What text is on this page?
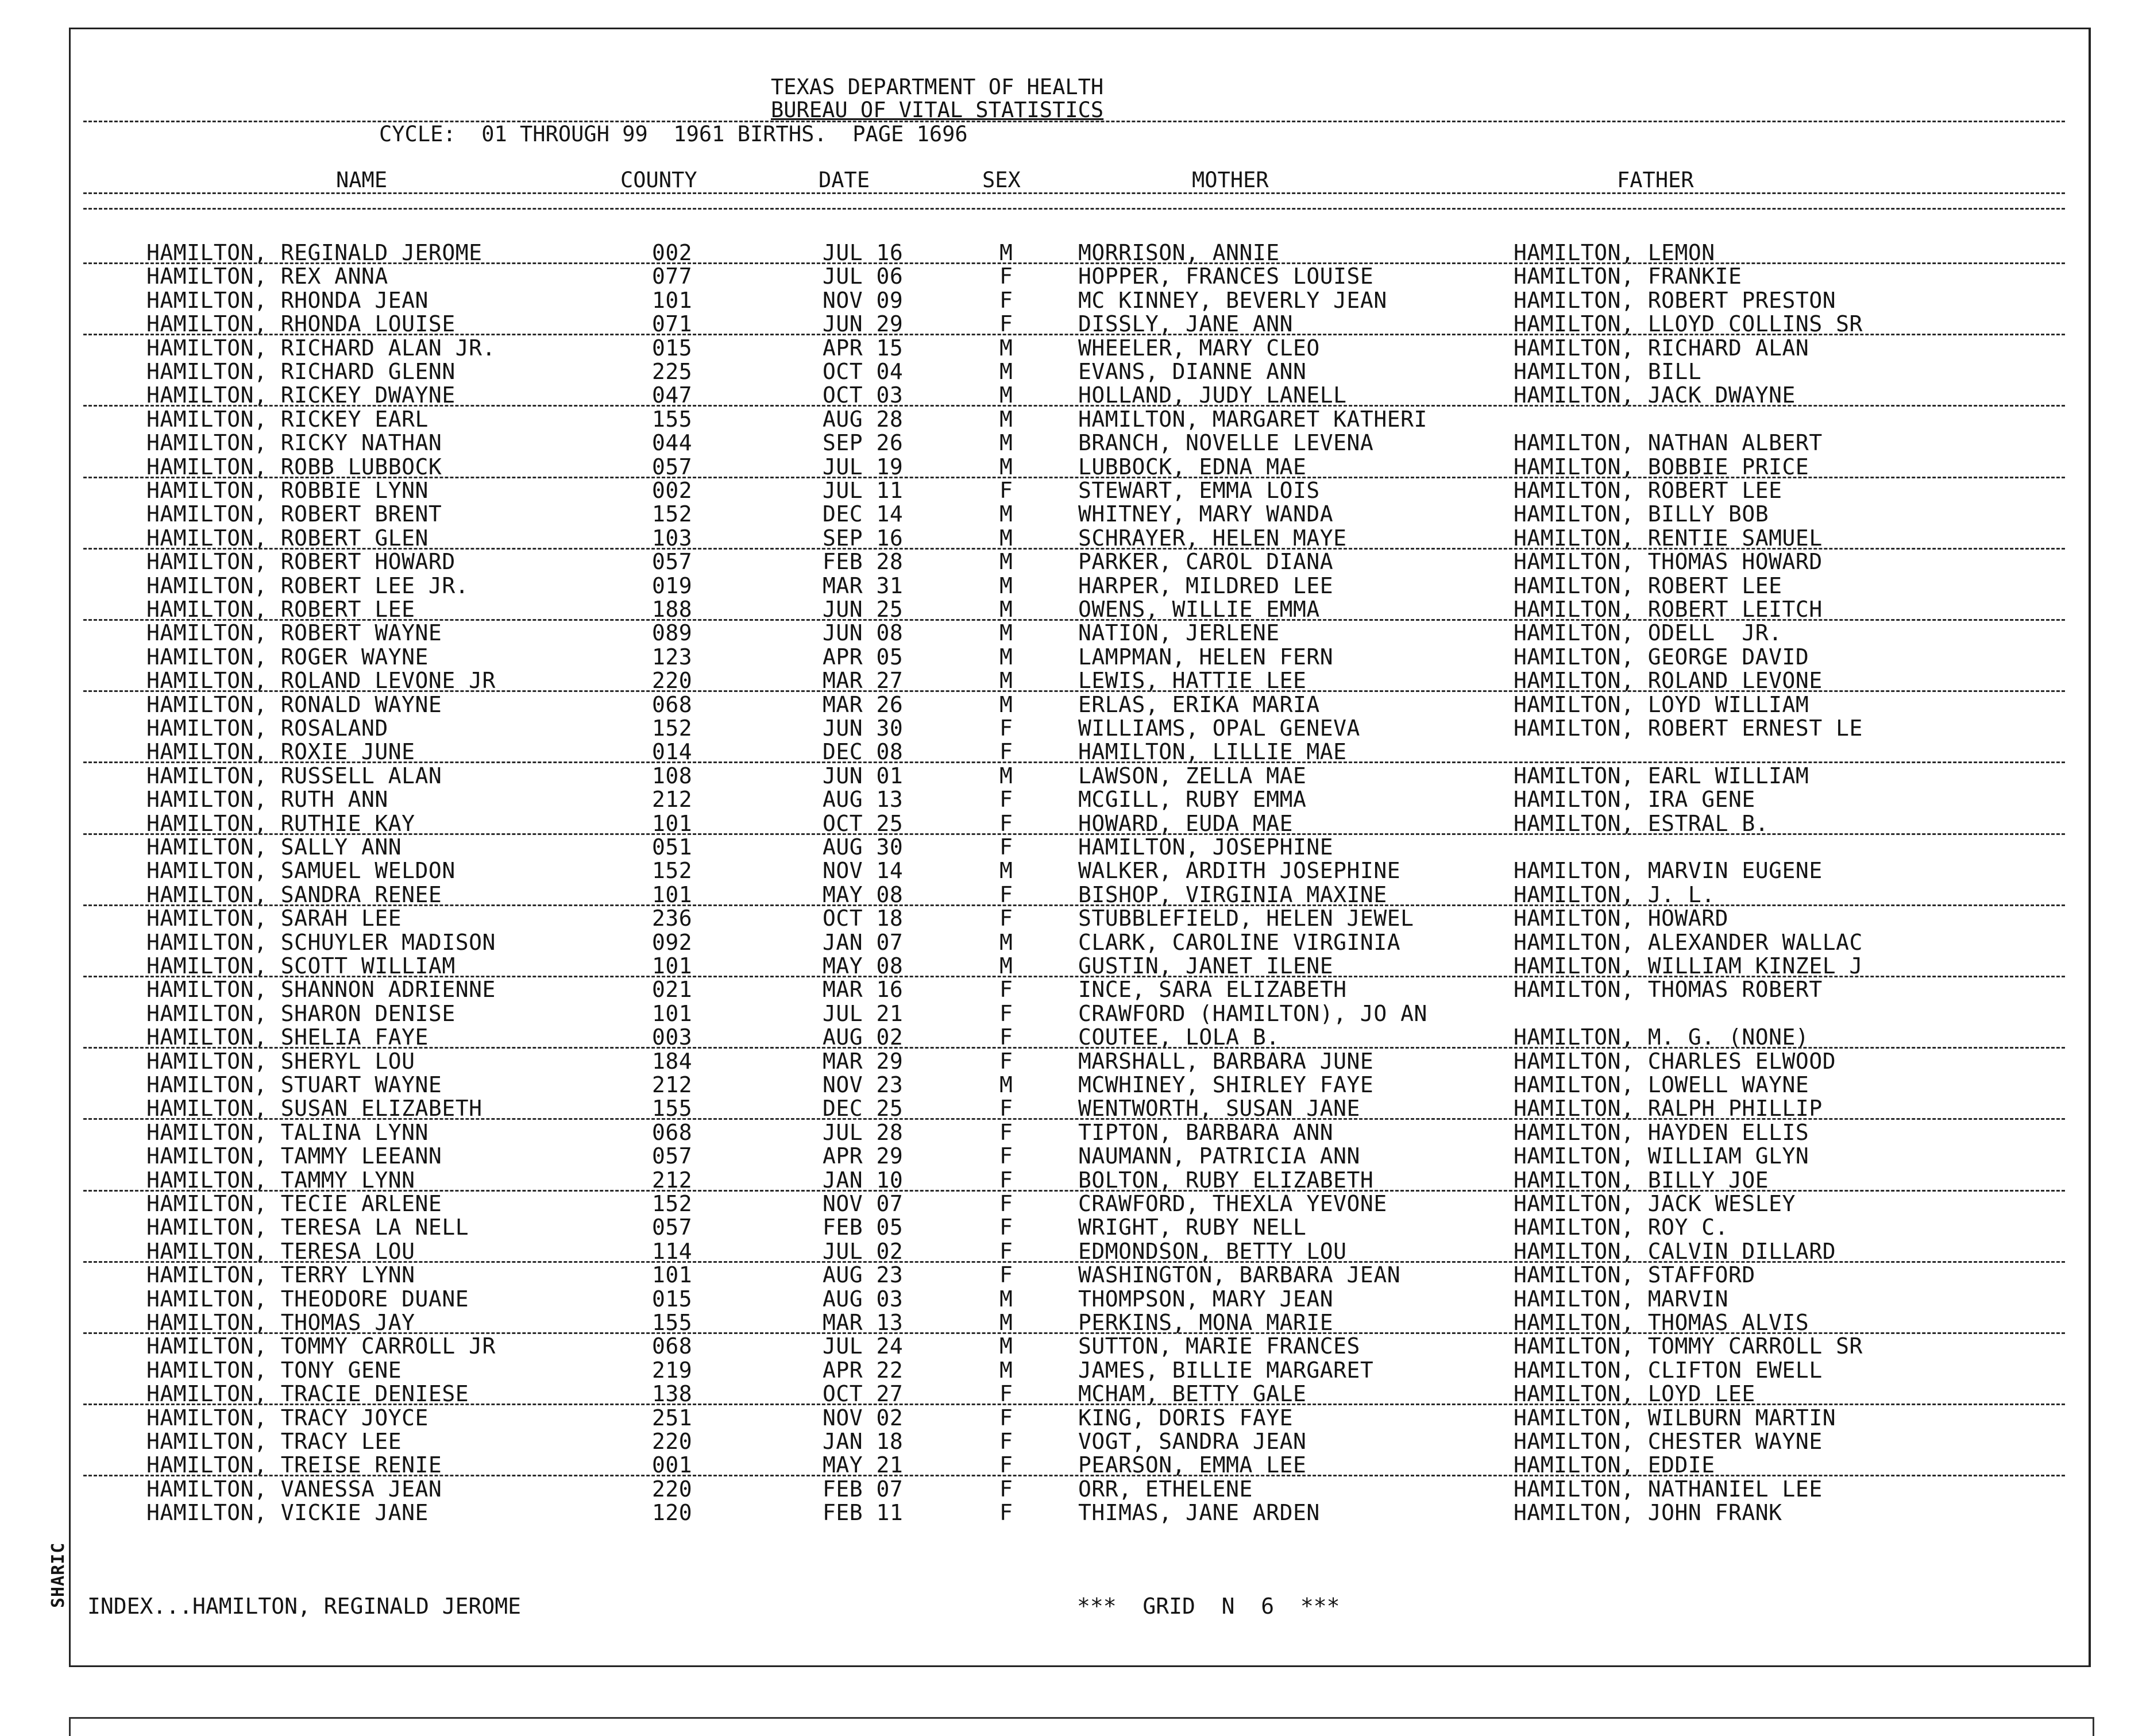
SHARIC
TEXAS DEPARTMENT OF HEALTH
BUREAU OF VITAL STATISTICS
CYCLE:  01 THROUGH 99  1961 BIRTHS.  PAGE 1696
NAME	COUNTY	DATE	SEX	MOTHER	FATHER
HAMILTON, REGINALD JEROME	002	JUL 16	M	MORRISON, ANNIE	HAMILTON, LEMON
HAMILTON, REX ANNA	077	JUL 06	F	HOPPER, FRANCES LOUISE	HAMILTON, FRANKIE
HAMILTON, RHONDA JEAN	101	NOV 09	F	MC KINNEY, BEVERLY JEAN	HAMILTON, ROBERT PRESTON
HAMILTON, RHONDA LOUISE	071	JUN 29	F	DISSLY, JANE ANN	HAMILTON, LLOYD COLLINS SR
HAMILTON, RICHARD ALAN JR.	015	APR 15	M	WHEELER, MARY CLEO	HAMILTON, RICHARD ALAN
HAMILTON, RICHARD GLENN	225	OCT 04	M	EVANS, DIANNE ANN	HAMILTON, BILL
HAMILTON, RICKEY DWAYNE	047	OCT 03	M	HOLLAND, JUDY LANELL	HAMILTON, JACK DWAYNE
HAMILTON, RICKEY EARL	155	AUG 28	M	HAMILTON, MARGARET KATHERI
HAMILTON, RICKY NATHAN	044	SEP 26	M	BRANCH, NOVELLE LEVENA	HAMILTON, NATHAN ALBERT
HAMILTON, ROBB LUBBOCK	057	JUL 19	M	LUBBOCK, EDNA MAE	HAMILTON, BOBBIE PRICE
HAMILTON, ROBBIE LYNN	002	JUL 11	F	STEWART, EMMA LOIS	HAMILTON, ROBERT LEE
HAMILTON, ROBERT BRENT	152	DEC 14	M	WHITNEY, MARY WANDA	HAMILTON, BILLY BOB
HAMILTON, ROBERT GLEN	103	SEP 16	M	SCHRAYER, HELEN MAYE	HAMILTON, RENTIE SAMUEL
HAMILTON, ROBERT HOWARD	057	FEB 28	M	PARKER, CAROL DIANA	HAMILTON, THOMAS HOWARD
HAMILTON, ROBERT LEE JR.	019	MAR 31	M	HARPER, MILDRED LEE	HAMILTON, ROBERT LEE
HAMILTON, ROBERT LEE	188	JUN 25	M	OWENS, WILLIE EMMA	HAMILTON, ROBERT LEITCH
HAMILTON, ROBERT WAYNE	089	JUN 08	M	NATION, JERLENE	HAMILTON, ODELL  JR.
HAMILTON, ROGER WAYNE	123	APR 05	M	LAMPMAN, HELEN FERN	HAMILTON, GEORGE DAVID
HAMILTON, ROLAND LEVONE JR	220	MAR 27	M	LEWIS, HATTIE LEE	HAMILTON, ROLAND LEVONE
HAMILTON, RONALD WAYNE	068	MAR 26	M	ERLAS, ERIKA MARIA	HAMILTON, LOYD WILLIAM
HAMILTON, ROSALAND	152	JUN 30	F	WILLIAMS, OPAL GENEVA	HAMILTON, ROBERT ERNEST LE
HAMILTON, ROXIE JUNE	014	DEC 08	F	HAMILTON, LILLIE MAE
HAMILTON, RUSSELL ALAN	108	JUN 01	M	LAWSON, ZELLA MAE	HAMILTON, EARL WILLIAM
HAMILTON, RUTH ANN	212	AUG 13	F	MCGILL, RUBY EMMA	HAMILTON, IRA GENE
HAMILTON, RUTHIE KAY	101	OCT 25	F	HOWARD, EUDA MAE	HAMILTON, ESTRAL B.
HAMILTON, SALLY ANN	051	AUG 30	F	HAMILTON, JOSEPHINE
HAMILTON, SAMUEL WELDON	152	NOV 14	M	WALKER, ARDITH JOSEPHINE	HAMILTON, MARVIN EUGENE
HAMILTON, SANDRA RENEE	101	MAY 08	F	BISHOP, VIRGINIA MAXINE	HAMILTON, J. L.
HAMILTON, SARAH LEE	236	OCT 18	F	STUBBLEFIELD, HELEN JEWEL	HAMILTON, HOWARD
HAMILTON, SCHUYLER MADISON	092	JAN 07	M	CLARK, CAROLINE VIRGINIA	HAMILTON, ALEXANDER WALLAC
HAMILTON, SCOTT WILLIAM	101	MAY 08	M	GUSTIN, JANET ILENE	HAMILTON, WILLIAM KINZEL J
HAMILTON, SHANNON ADRIENNE	021	MAR 16	F	INCE, SARA ELIZABETH	HAMILTON, THOMAS ROBERT
HAMILTON, SHARON DENISE	101	JUL 21	F	CRAWFORD (HAMILTON), JO AN
HAMILTON, SHELIA FAYE	003	AUG 02	F	COUTEE, LOLA B.	HAMILTON, M. G. (NONE)
HAMILTON, SHERYL LOU	184	MAR 29	F	MARSHALL, BARBARA JUNE	HAMILTON, CHARLES ELWOOD
HAMILTON, STUART WAYNE	212	NOV 23	M	MCWHINEY, SHIRLEY FAYE	HAMILTON, LOWELL WAYNE
HAMILTON, SUSAN ELIZABETH	155	DEC 25	F	WENTWORTH, SUSAN JANE	HAMILTON, RALPH PHILLIP
HAMILTON, TALINA LYNN	068	JUL 28	F	TIPTON, BARBARA ANN	HAMILTON, HAYDEN ELLIS
HAMILTON, TAMMY LEEANN	057	APR 29	F	NAUMANN, PATRICIA ANN	HAMILTON, WILLIAM GLYN
HAMILTON, TAMMY LYNN	212	JAN 10	F	BOLTON, RUBY ELIZABETH	HAMILTON, BILLY JOE
HAMILTON, TECIE ARLENE	152	NOV 07	F	CRAWFORD, THEXLA YEVONE	HAMILTON, JACK WESLEY
HAMILTON, TERESA LA NELL	057	FEB 05	F	WRIGHT, RUBY NELL	HAMILTON, ROY C.
HAMILTON, TERESA LOU	114	JUL 02	F	EDMONDSON, BETTY LOU	HAMILTON, CALVIN DILLARD
HAMILTON, TERRY LYNN	101	AUG 23	F	WASHINGTON, BARBARA JEAN	HAMILTON, STAFFORD
HAMILTON, THEODORE DUANE	015	AUG 03	M	THOMPSON, MARY JEAN	HAMILTON, MARVIN
HAMILTON, THOMAS JAY	155	MAR 13	M	PERKINS, MONA MARIE	HAMILTON, THOMAS ALVIS
HAMILTON, TOMMY CARROLL JR	068	JUL 24	M	SUTTON, MARIE FRANCES	HAMILTON, TOMMY CARROLL SR
HAMILTON, TONY GENE	219	APR 22	M	JAMES, BILLIE MARGARET	HAMILTON, CLIFTON EWELL
HAMILTON, TRACIE DENIESE	138	OCT 27	F	MCHAM, BETTY GALE	HAMILTON, LOYD LEE
HAMILTON, TRACY JOYCE	251	NOV 02	F	KING, DORIS FAYE	HAMILTON, WILBURN MARTIN
HAMILTON, TRACY LEE	220	JAN 18	F	VOGT, SANDRA JEAN	HAMILTON, CHESTER WAYNE
HAMILTON, TREISE RENIE	001	MAY 21	F	PEARSON, EMMA LEE	HAMILTON, EDDIE
HAMILTON, VANESSA JEAN	220	FEB 07	F	ORR, ETHELENE	HAMILTON, NATHANIEL LEE
HAMILTON, VICKIE JANE	120	FEB 11	F	THIMAS, JANE ARDEN	HAMILTON, JOHN FRANK
INDEX...HAMILTON, REGINALD JEROME	***  GRID  N  6  ***
